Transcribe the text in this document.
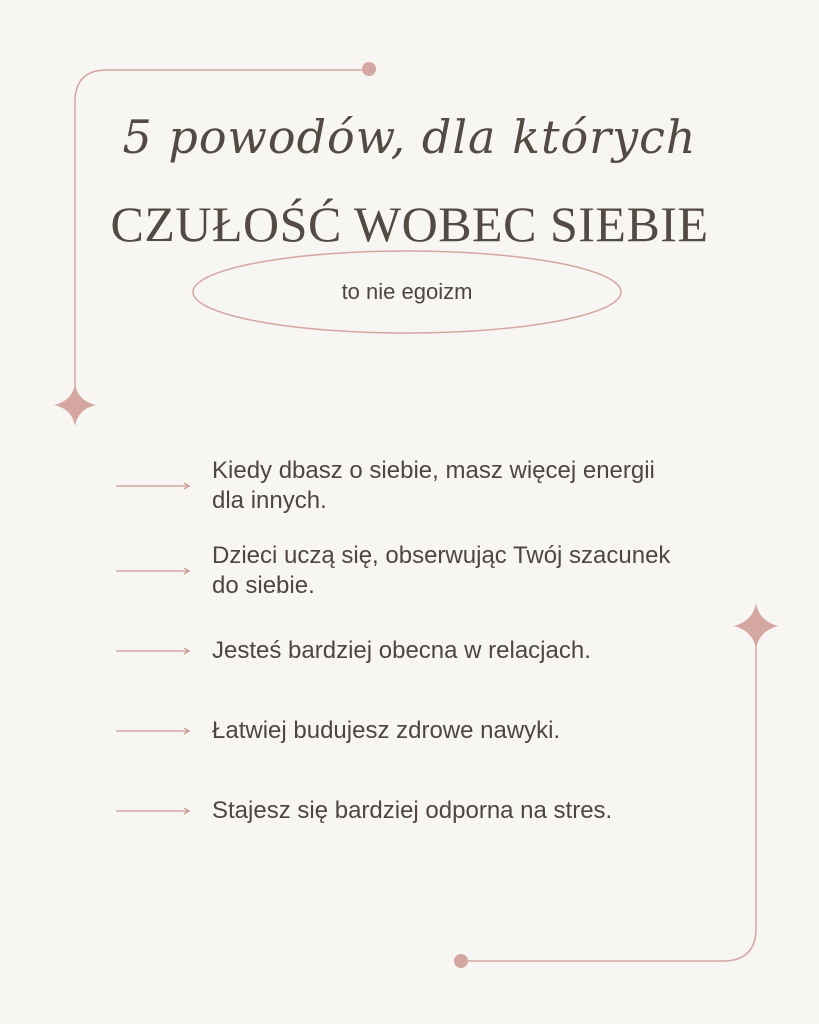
5 powodów, dla których
CZUŁOŚĆ WOBEC SIEBIE
to nie egoizm
Kiedy dbasz o siebie, masz więcej energii dla innych.
Dzieci uczą się, obserwując Twój szacunek do siebie.
Jesteś bardziej obecna w relacjach.
Łatwiej budujesz zdrowe nawyki.
Stajesz się bardziej odporna na stres.
